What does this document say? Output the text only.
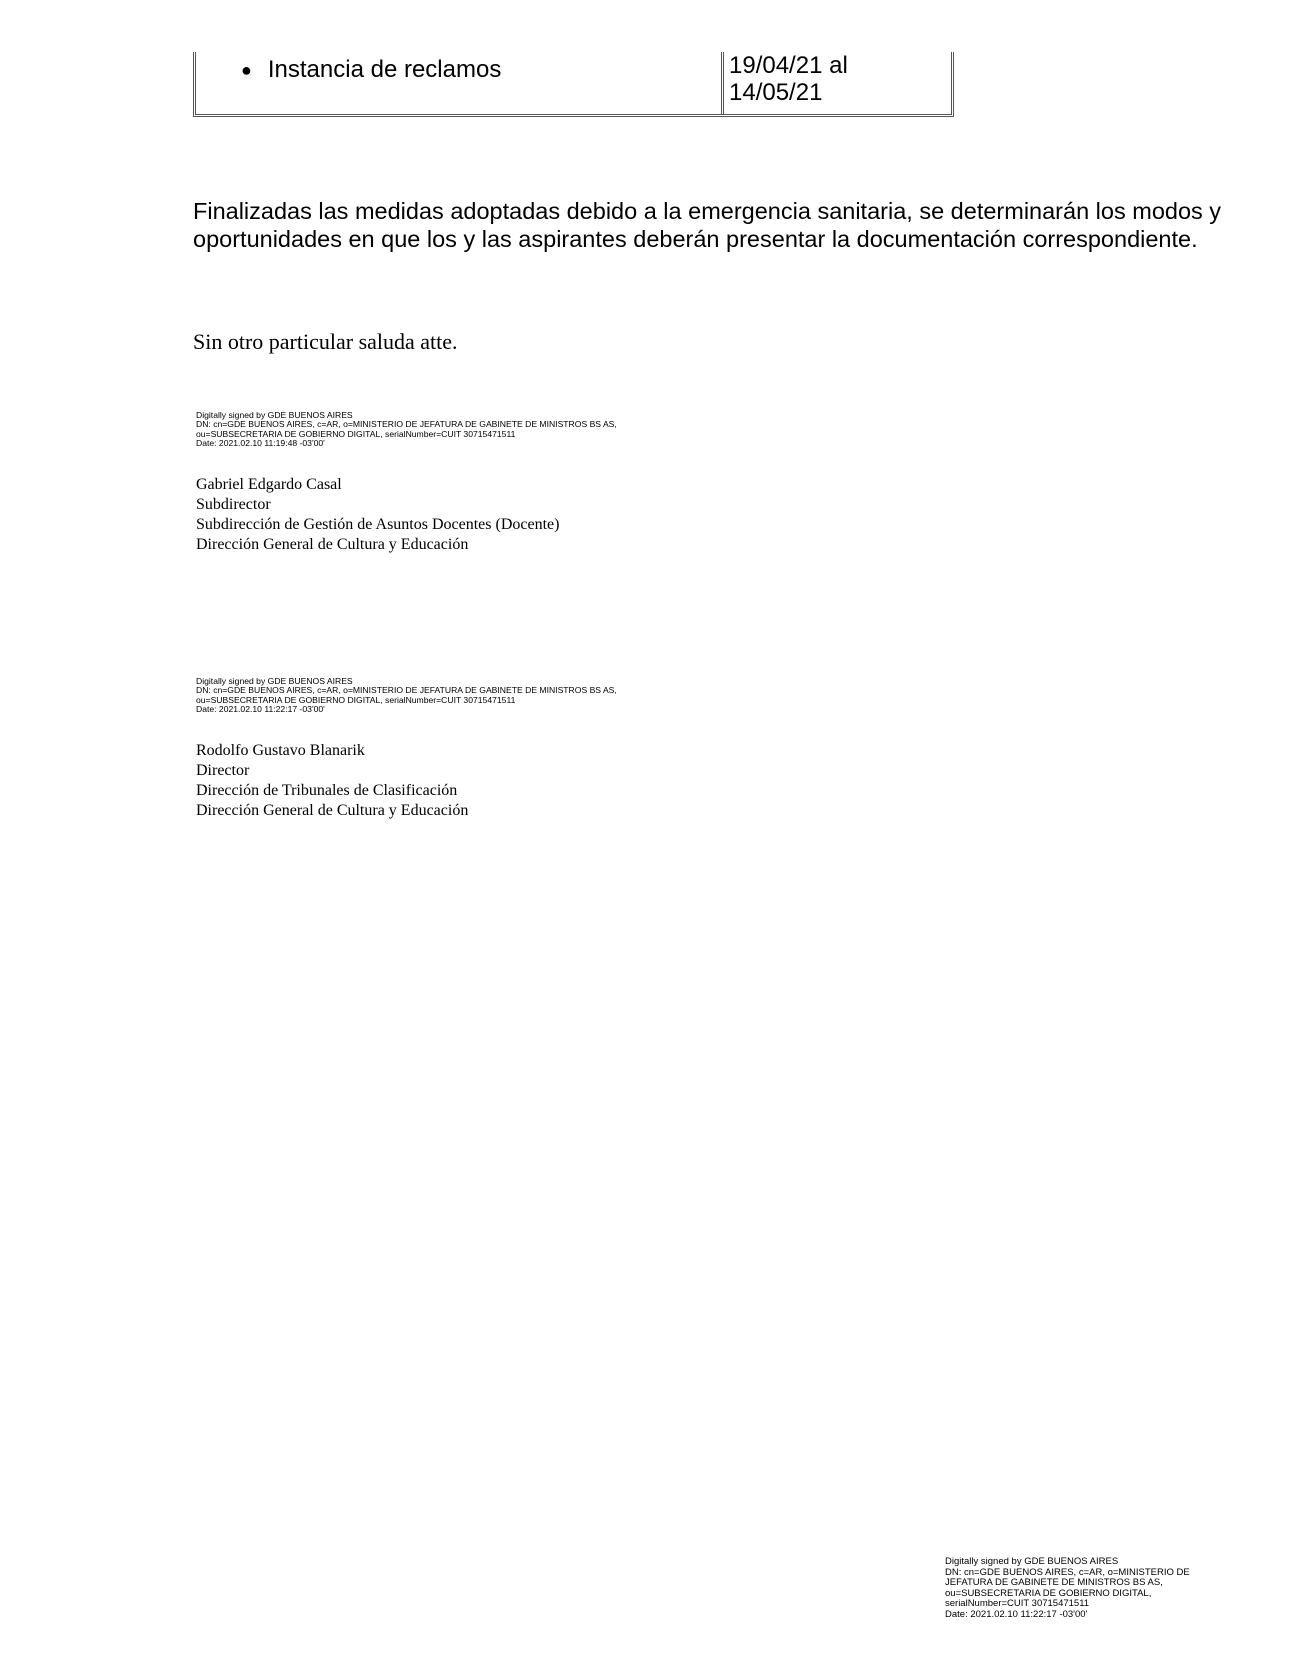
● Instancia de reclamos	19/04/21 al
14/05/21
Finalizadas las medidas adoptadas debido a la emergencia sanitaria, se determinarán los modos y oportunidades en que los y las aspirantes deberán presentar la documentación correspondiente.
Sin otro particular saluda atte.
Digitally signed by GDE BUENOS AIRES
DN: cn=GDE BUENOS AIRES, c=AR, o=MINISTERIO DE JEFATURA DE GABINETE DE MINISTROS BS AS,
ou=SUBSECRETARIA DE GOBIERNO DIGITAL, serialNumber=CUIT 30715471511
Date: 2021.02.10 11:19:48 -03'00'
Gabriel Edgardo Casal
Subdirector
Subdirección de Gestión de Asuntos Docentes (Docente)
Dirección General de Cultura y Educación
Digitally signed by GDE BUENOS AIRES
DN: cn=GDE BUENOS AIRES, c=AR, o=MINISTERIO DE JEFATURA DE GABINETE DE MINISTROS BS AS,
ou=SUBSECRETARIA DE GOBIERNO DIGITAL, serialNumber=CUIT 30715471511
Date: 2021.02.10 11:22:17 -03'00'
Rodolfo Gustavo Blanarik
Director
Dirección de Tribunales de Clasificación
Dirección General de Cultura y Educación
Digitally signed by GDE BUENOS AIRES
DN: cn=GDE BUENOS AIRES, c=AR, o=MINISTERIO DE
JEFATURA DE GABINETE DE MINISTROS BS AS,
ou=SUBSECRETARIA DE GOBIERNO DIGITAL,
serialNumber=CUIT 30715471511
Date: 2021.02.10 11:22:17 -03'00'
